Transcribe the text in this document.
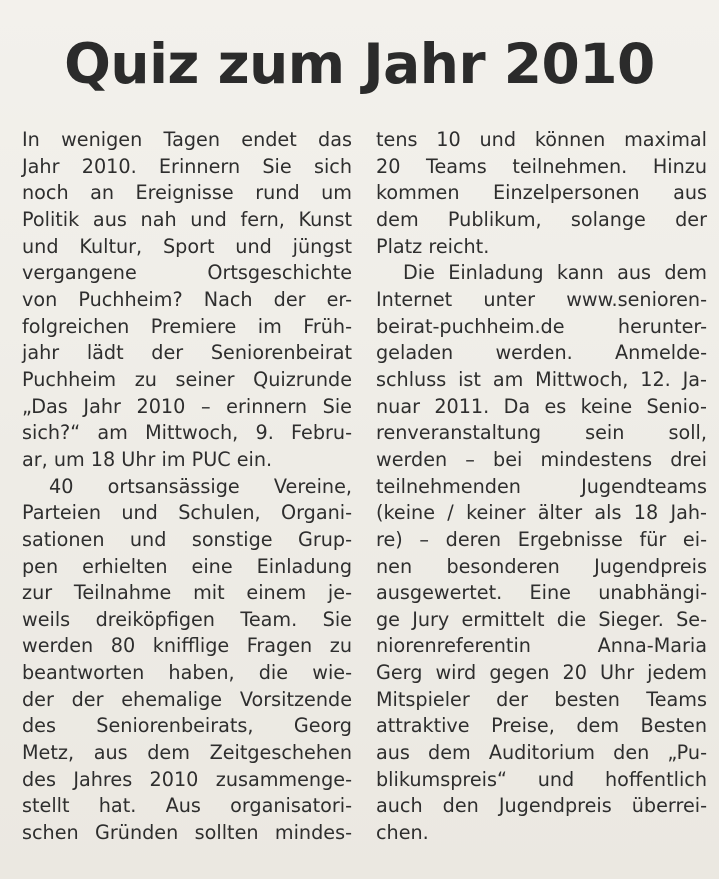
Quiz zum Jahr 2010
In wenigen Tagen endet das
Jahr 2010. Erinnern Sie sich
noch an Ereignisse rund um
Politik aus nah und fern, Kunst
und Kultur, Sport und jüngst
vergangene Ortsgeschichte
von Puchheim? Nach der er-
folgreichen Premiere im Früh-
jahr lädt der Seniorenbeirat
Puchheim zu seiner Quizrunde
„Das Jahr 2010 – erinnern Sie
sich?“ am Mittwoch, 9. Febru-
ar, um 18 Uhr im PUC ein.
40 ortsansässige Vereine,
Parteien und Schulen, Organi-
sationen und sonstige Grup-
pen erhielten eine Einladung
zur Teilnahme mit einem je-
weils dreiköpfigen Team. Sie
werden 80 knifflige Fragen zu
beantworten haben, die wie-
der der ehemalige Vorsitzende
des Seniorenbeirats, Georg
Metz, aus dem Zeitgeschehen
des Jahres 2010 zusammenge-
stellt hat. Aus organisatori-
schen Gründen sollten mindes-
tens 10 und können maximal
20 Teams teilnehmen. Hinzu
kommen Einzelpersonen aus
dem Publikum, solange der
Platz reicht.
Die Einladung kann aus dem
Internet unter www.senioren-
beirat-puchheim.de herunter-
geladen werden. Anmelde-
schluss ist am Mittwoch, 12. Ja-
nuar 2011. Da es keine Senio-
renveranstaltung sein soll,
werden – bei mindestens drei
teilnehmenden Jugendteams
(keine / keiner älter als 18 Jah-
re) – deren Ergebnisse für ei-
nen besonderen Jugendpreis
ausgewertet. Eine unabhängi-
ge Jury ermittelt die Sieger. Se-
niorenreferentin Anna-Maria
Gerg wird gegen 20 Uhr jedem
Mitspieler der besten Teams
attraktive Preise, dem Besten
aus dem Auditorium den „Pu-
blikumspreis“ und hoffentlich
auch den Jugendpreis überrei-
chen.
